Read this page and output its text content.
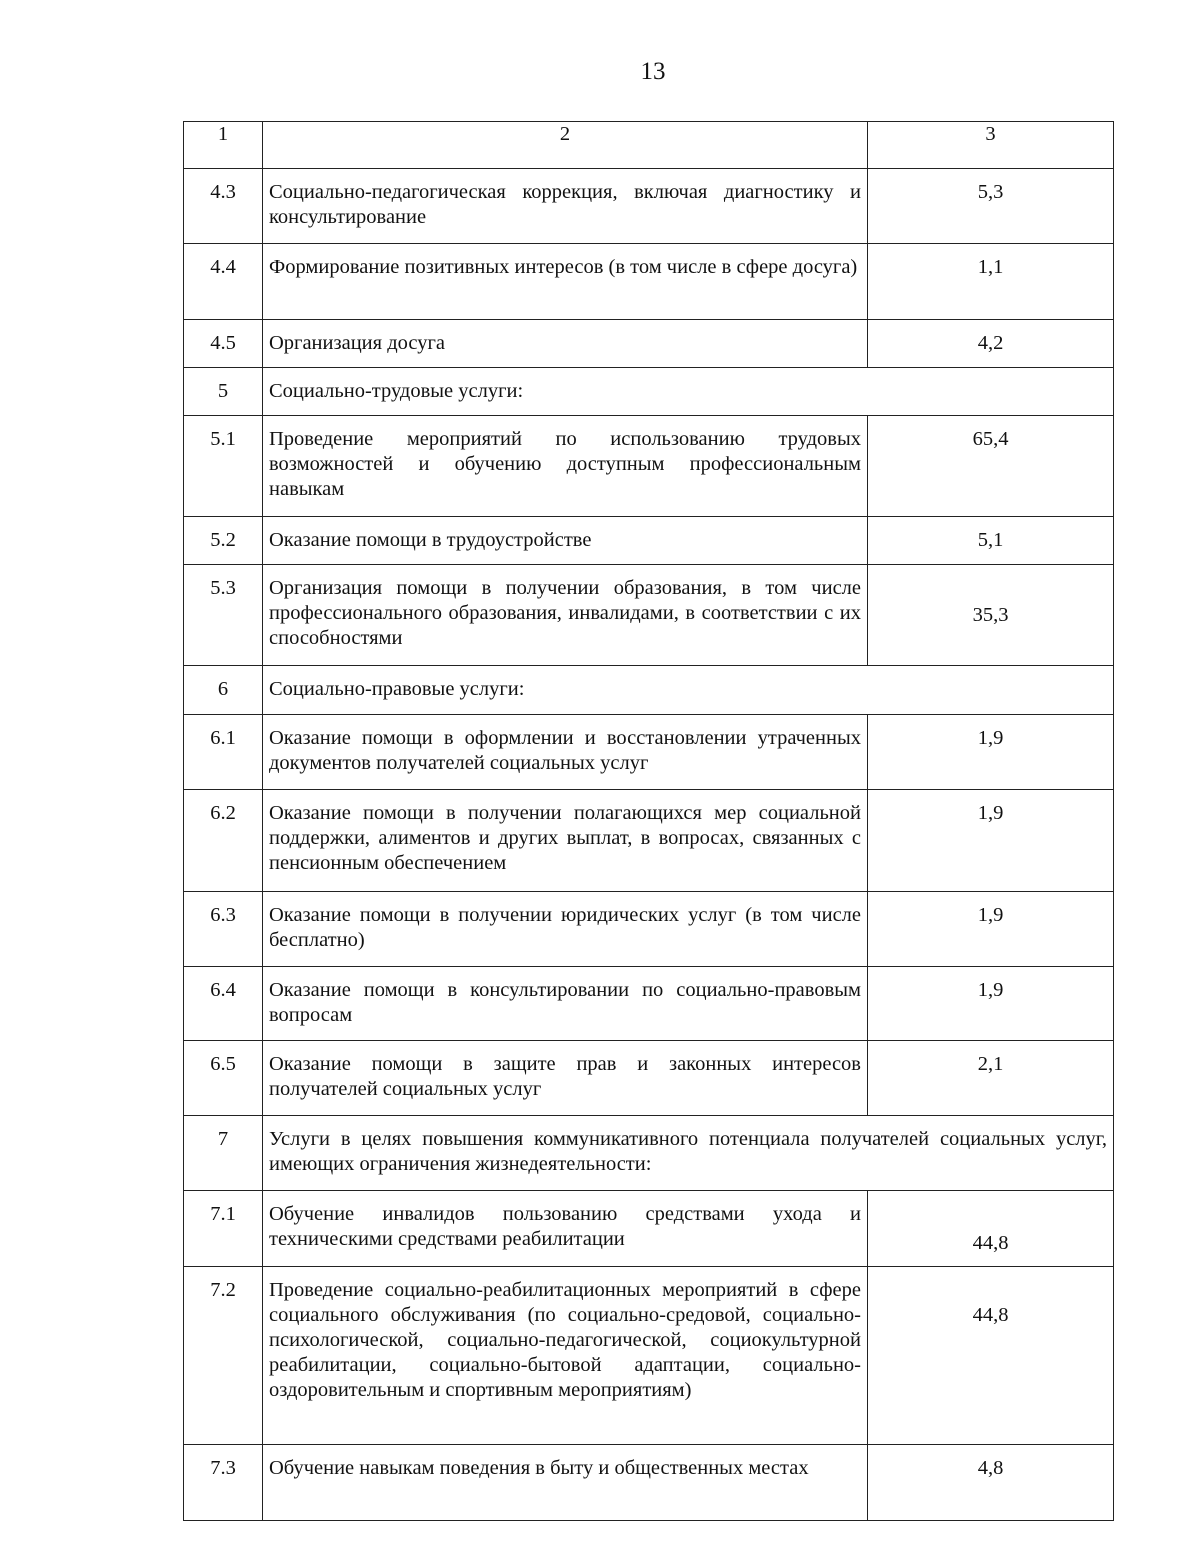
13
1	2	3
4.3	Социально-педагогическая коррекция, включая диагностику и консультирование	5,3
4.4	Формирование позитивных интересов (в том числе в сфере досуга)	1,1
4.5	Организация досуга	4,2
5	Социально-трудовые услуги:	
5.1	Проведение мероприятий по использованию трудовых возможностей и обучению доступным профессиональным навыкам	65,4
5.2	Оказание помощи в трудоустройстве	5,1
5.3	Организация помощи в получении образования, в том числе профессионального образования, инвалидами, в соответствии с их способностями	35,3
6	Социально-правовые услуги:	
6.1	Оказание помощи в оформлении и восстановлении утраченных документов получателей социальных услуг	1,9
6.2	Оказание помощи в получении полагающихся мер социальной поддержки, алиментов и других выплат, в вопросах, связанных с пенсионным обеспечением	1,9
6.3	Оказание помощи в получении юридических услуг (в том числе бесплатно)	1,9
6.4	Оказание помощи в консультировании по социально-правовым вопросам	1,9
6.5	Оказание помощи в защите прав и законных интересов получателей социальных услуг	2,1
7	Услуги в целях повышения коммуникативного потенциала получателей социальных услуг, имеющих ограничения жизнедеятельности:	
7.1	Обучение инвалидов пользованию средствами ухода и техническими средствами реабилитации	44,8
7.2	Проведение социально-реабилитационных мероприятий в сфере социального обслуживания (по социально-средовой, социально-психологической, социально-педагогической, социокультурной реабилитации, социально-бытовой адаптации, социально-оздоровительным и спортивным мероприятиям)	44,8
7.3	Обучение навыкам поведения в быту и общественных местах	4,8
